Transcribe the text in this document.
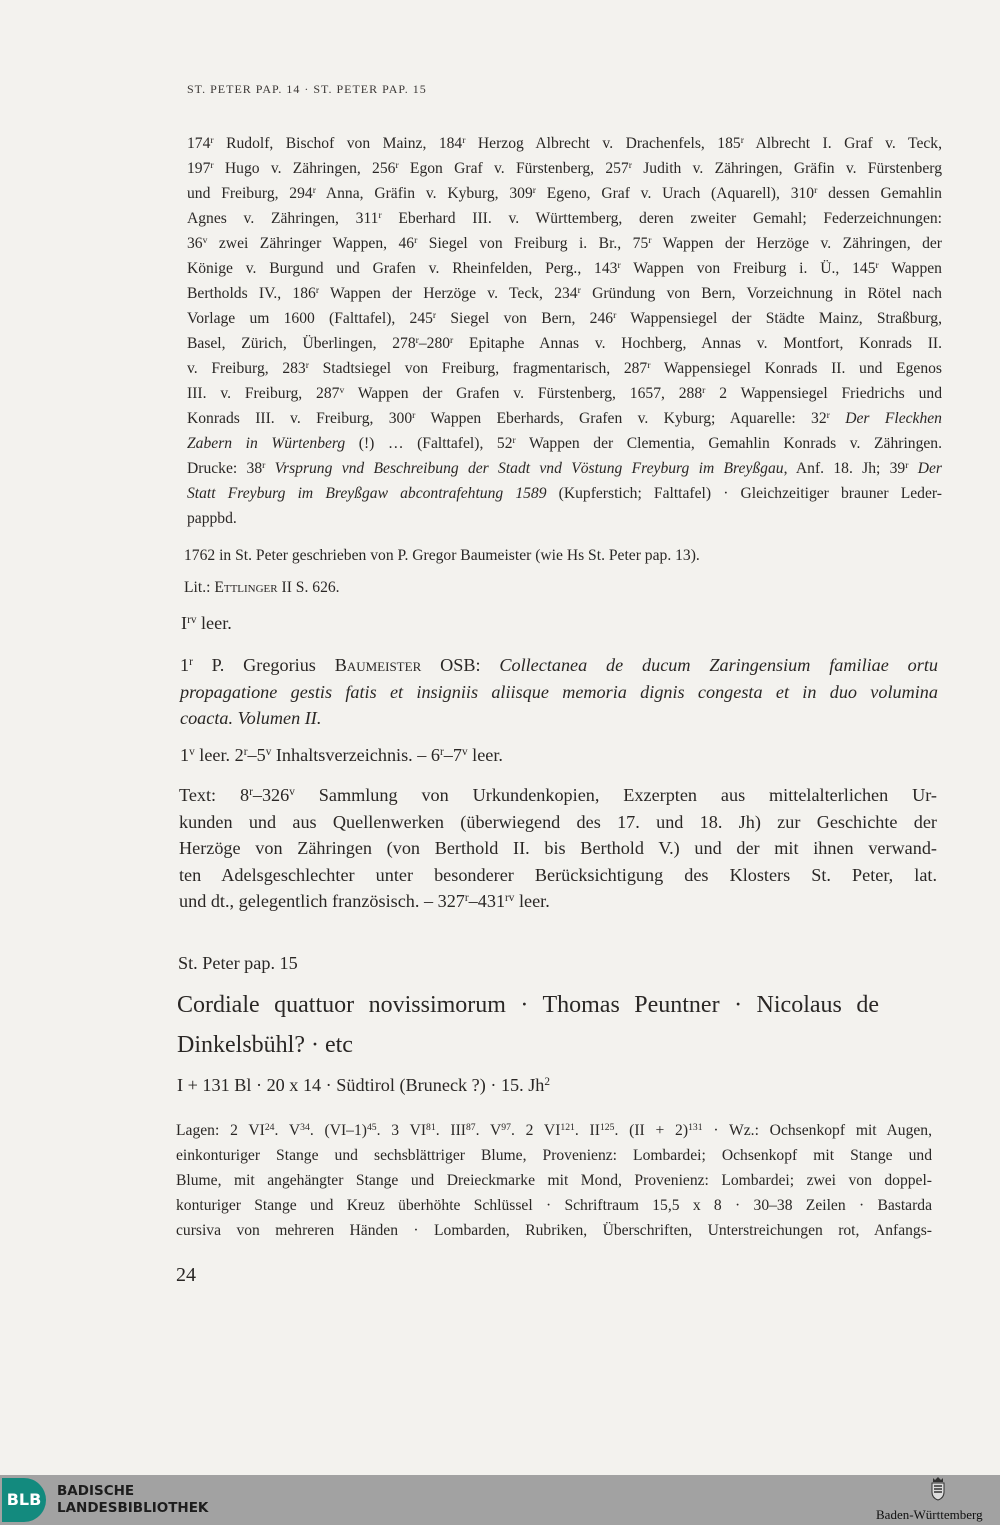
ST. PETER PAP. 14 · ST. PETER PAP. 15
174$^r$ Rudolf, Bischof von Mainz, 184$^r$ Herzog Albrecht v. Drachenfels, 185$^r$ Albrecht I. Graf v. Teck,
197$^r$ Hugo v. Zähringen, 256$^r$ Egon Graf v. Fürstenberg, 257$^r$ Judith v. Zähringen, Gräfin v. Fürstenberg
und Freiburg, 294$^r$ Anna, Gräfin v. Kyburg, 309$^r$ Egeno, Graf v. Urach (Aquarell), 310$^r$ dessen Gemahlin
Agnes v. Zähringen, 311$^r$ Eberhard III. v. Württemberg, deren zweiter Gemahl; Federzeichnungen:
36$^v$ zwei Zähringer Wappen, 46$^r$ Siegel von Freiburg i. Br., 75$^r$ Wappen der Herzöge v. Zähringen, der
Könige v. Burgund und Grafen v. Rheinfelden, Perg., 143$^r$ Wappen von Freiburg i. Ü., 145$^r$ Wappen
Bertholds IV., 186$^r$ Wappen der Herzöge v. Teck, 234$^r$ Gründung von Bern, Vorzeichnung in Rötel nach
Vorlage um 1600 (Falttafel), 245$^r$ Siegel von Bern, 246$^r$ Wappensiegel der Städte Mainz, Straßburg,
Basel, Zürich, Überlingen, 278$^r$–280$^r$ Epitaphe Annas v. Hochberg, Annas v. Montfort, Konrads II.
v. Freiburg, 283$^r$ Stadtsiegel von Freiburg, fragmentarisch, 287$^r$ Wappensiegel Konrads II. und Egenos
III. v. Freiburg, 287$^v$ Wappen der Grafen v. Fürstenberg, 1657, 288$^r$ 2 Wappensiegel Friedrichs und
Konrads III. v. Freiburg, 300$^r$ Wappen Eberhards, Grafen v. Kyburg; Aquarelle: 32$^r$ Der Fleckhen
Zabern in Würtenberg (!) … (Falttafel), 52$^r$ Wappen der Clementia, Gemahlin Konrads v. Zähringen.
Drucke: 38$^r$ Vrsprung vnd Beschreibung der Stadt vnd Vöstung Freyburg im Breyßgau, Anf. 18. Jh; 39$^r$ Der
Statt Freyburg im Breyßgaw abcontrafehtung 1589 (Kupferstich; Falttafel) · Gleichzeitiger brauner Leder-
pappbd.
1762 in St. Peter geschrieben von P. Gregor Baumeister (wie Hs St. Peter pap. 13).
Lit.: Ettlinger II S. 626.
$I^{rv}$ leer.
1$^r$ P. Gregorius Baumeister OSB: Collectanea de ducum Zaringensium familiae ortu
propagatione gestis fatis et insigniis aliisque memoria dignis congesta et in duo volumina
coacta. Volumen II.
1$^v$ leer. 2$^r$–5$^v$ Inhaltsverzeichnis. – 6$^r$–7$^v$ leer.
Text: 8$^r$–326$^v$ Sammlung von Urkundenkopien, Exzerpten aus mittelalterlichen Ur-
kunden und aus Quellenwerken (überwiegend des 17. und 18. Jh) zur Geschichte der
Herzöge von Zähringen (von Berthold II. bis Berthold V.) und der mit ihnen verwand-
ten Adelsgeschlechter unter besonderer Berücksichtigung des Klosters St. Peter, lat.
und dt., gelegentlich französisch. – $327^r-431^{rv}$ leer.
St. Peter pap. 15
Cordiale quattuor novissimorum · Thomas Peuntner · Nicolaus de
Dinkelsbühl? · etc
I + 131 Bl · 20 x 14 · Südtirol (Bruneck ?) · 15. Jh$^2$
Lagen: 2 VI$^{24}$. $V^{34}$. $(VI-1)^{45}$. 3 VI$^{81}$. III$^{87}$. $V^{97}$. 2 VI$^{121}$. II$^{125}$. (II + 2)$^{131}$ · Wz.: Ochsenkopf mit Augen,
einkonturiger Stange und sechsblättriger Blume, Provenienz: Lombardei; Ochsenkopf mit Stange und
Blume, mit angehängter Stange und Dreieckmarke mit Mond, Provenienz: Lombardei; zwei von doppel-
konturiger Stange und Kreuz überhöhte Schlüssel · Schriftraum 15,5 x 8 · 30–38 Zeilen · Bastarda
cursiva von mehreren Händen · Lombarden, Rubriken, Überschriften, Unterstreichungen rot, Anfangs-
24
BLB	BADISCHE
LANDESBIBLIOTHEK	Baden-Württemberg
